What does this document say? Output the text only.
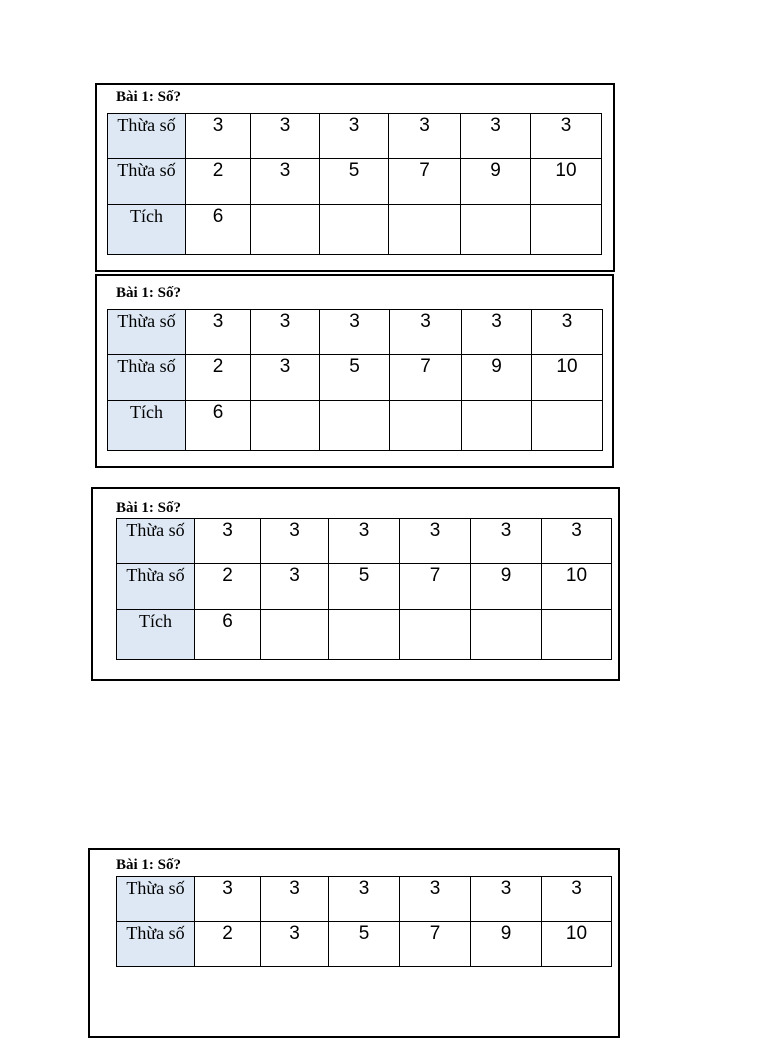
Bài 1: Số?
Thừa số	3	3	3	3	3	3
Thừa số	2	3	5	7	9	10
Tích	6					
Bài 1: Số?
Thừa số	3	3	3	3	3	3
Thừa số	2	3	5	7	9	10
Tích	6					
Bài 1: Số?
Thừa số	3	3	3	3	3	3
Thừa số	2	3	5	7	9	10
Tích	6					
Bài 1: Số?
Thừa số	3	3	3	3	3	3
Thừa số	2	3	5	7	9	10
